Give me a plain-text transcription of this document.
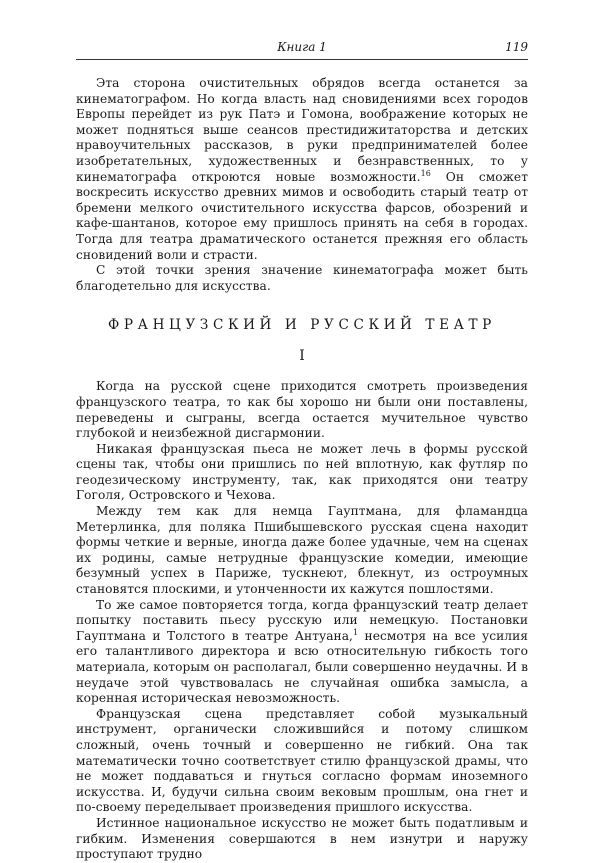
Книга 1	119

Эта сторона очистительных обрядов всегда останется за кинематографом. Но когда власть над сновидениями всех городов Европы перейдет из рук Патэ и Гомона, воображение которых не может подняться выше сеансов престидижитаторства и детских нравоучительных рассказов, в руки предпринимателей более изобретательных, художественных и безнравственных, то у кинематографа откроются новые возможности.$^{16}$ Он сможет воскресить искусство древних мимов и освободить старый театр от бремени мелкого очистительного искусства фарсов, обозрений и кафе-шантанов, которое ему пришлось принять на себя в городах. Тогда для театра драматического останется прежняя его область сновидений воли и страсти.

С этой точки зрения значение кинематографа может быть благодетельно для искусства.

ФРАНЦУЗСКИЙ И РУССКИЙ ТЕАТР
I

Когда на русской сцене приходится смотреть произведения французского театра, то как бы хорошо ни были они поставлены, переведены и сыграны, всегда остается мучительное чувство глубокой и неизбежной дисгармонии.

Никакая французская пьеса не может лечь в формы русской сцены так, чтобы они пришлись по ней вплотную, как футляр по геодезическому инструменту, так, как приходятся они театру Гоголя, Островского и Чехова.

Между тем как для немца Гауптмана, для фламандца Метерлинка, для поляка Пшибышевского русская сцена находит формы четкие и верные, иногда даже более удачные, чем на сценах их родины, самые нетрудные французские комедии, имеющие безумный успех в Париже, тускнеют, блекнут, из остроумных становятся плоскими, и утонченности их кажутся пошлостями.

То же самое повторяется тогда, когда французский театр делает попытку поставить пьесу русскую или немецкую. Постановки Гауптмана и Толстого в театре Антуана,$^1$ несмотря на все усилия его талантливого директора и всю относительную гибкость того материала, которым он располагал, были совершенно неудачны. И в неудаче этой чувствовалась не случайная ошибка замысла, а коренная историческая невозможность.

Французская сцена представляет собой музыкальный инструмент, органически сложившийся и потому слишком сложный, очень точный и совершенно не гибкий. Она так математически точно соответствует стилю французской драмы, что не может поддаваться и гнуться согласно формам иноземного искусства. И, будучи сильна своим вековым прошлым, она гнет и по-своему переделывает произведения пришлого искусства.

Истинное национальное искусство не может быть податливым и гибким. Изменения совершаются в нем изнутри и наружу проступают трудно
